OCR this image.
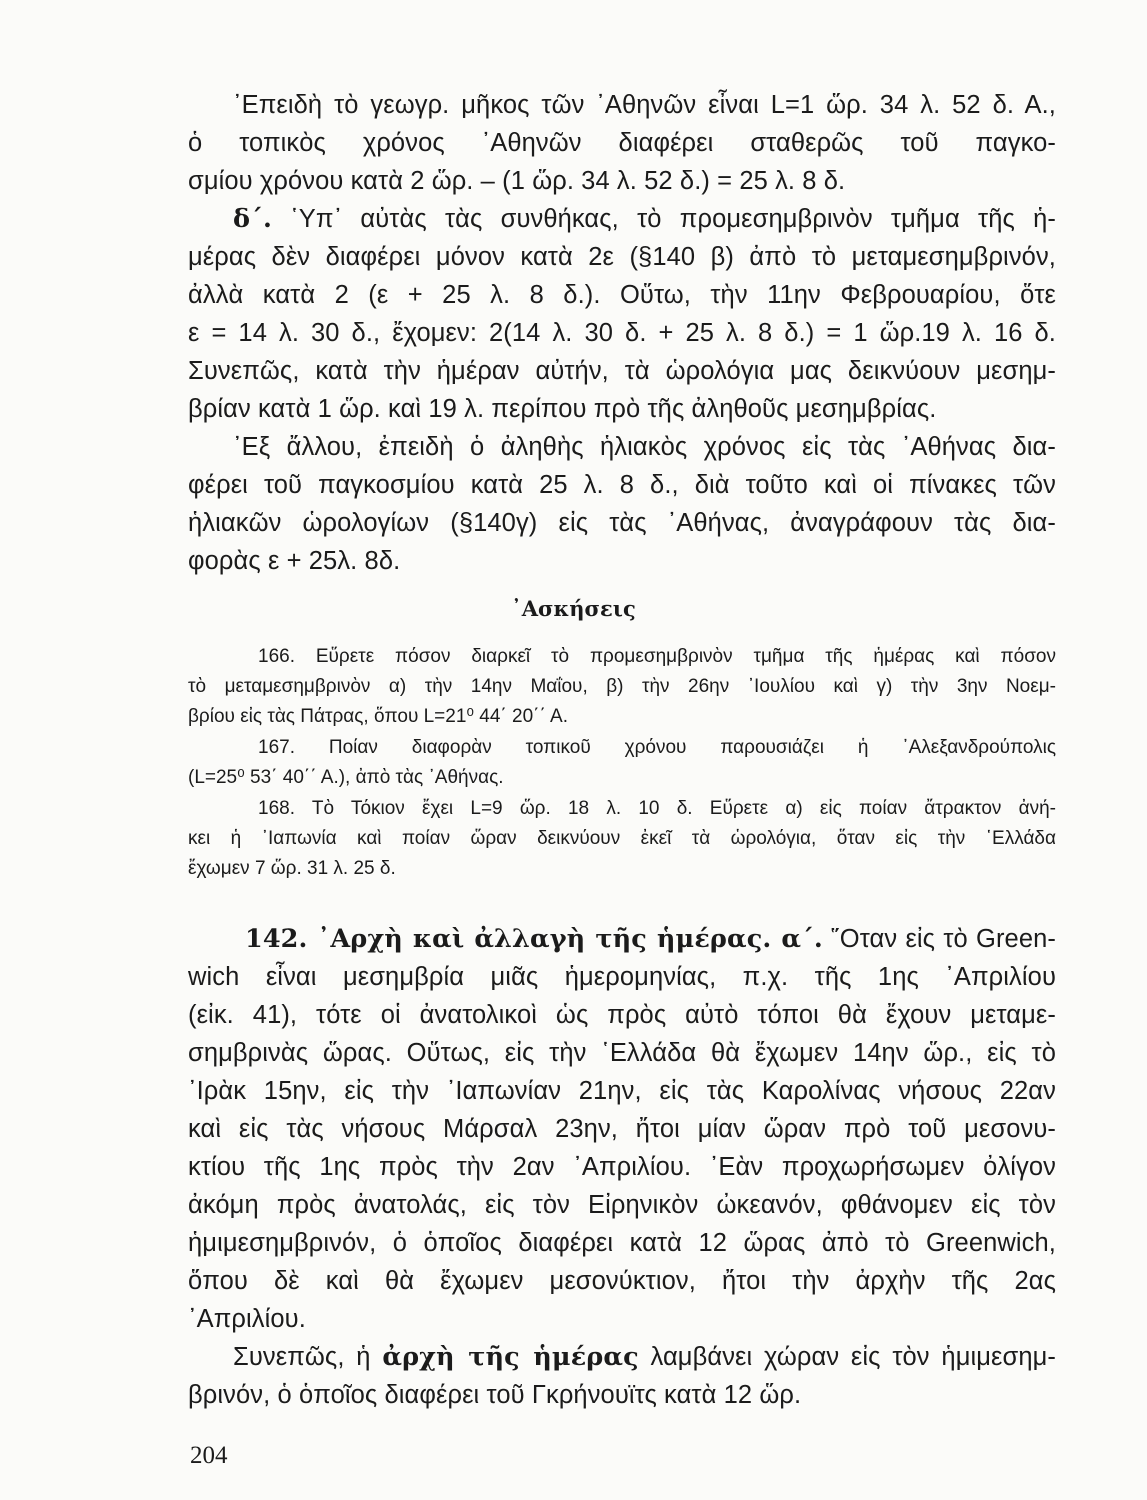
᾿Επειδὴ τὸ γεωγρ. μῆκος τῶν ᾿Αθηνῶν εἶναι L=1 ὥρ. 34 λ. 52 δ. Α.,
ὁ τοπικὸς χρόνος ᾿Αθηνῶν διαφέρει σταθερῶς τοῦ παγκο-
σμίου χρόνου κατὰ 2 ὥρ. – (1 ὥρ. 34 λ. 52 δ.) = 25 λ. 8 δ.
δ΄. ῾Υπ᾿ αὐτὰς τὰς συνθήκας, τὸ προμεσημβρινὸν τμῆμα τῆς ἡ-
μέρας δὲν διαφέρει μόνον κατὰ 2ε (§140 β) ἀπὸ τὸ μεταμεσημβρινόν,
ἀλλὰ κατὰ 2 (ε + 25 λ. 8 δ.). Οὕτω, τὴν 11ην Φεβρουαρίου, ὅτε
ε = 14 λ. 30 δ., ἔχομεν: 2(14 λ. 30 δ. + 25 λ. 8 δ.) = 1 ὥρ.19 λ. 16 δ.
Συνεπῶς, κατὰ τὴν ἡμέραν αὐτήν, τὰ ὡρολόγια μας δεικνύουν μεσημ-
βρίαν κατὰ 1 ὥρ. καὶ 19 λ. περίπου πρὸ τῆς ἀληθοῦς μεσημβρίας.
᾿Εξ ἄλλου, ἐπειδὴ ὁ ἀληθὴς ἡλιακὸς χρόνος εἰς τὰς ᾿Αθήνας δια-
φέρει τοῦ παγκοσμίου κατὰ 25 λ. 8 δ., διὰ τοῦτο καὶ οἱ πίνακες τῶν
ἡλιακῶν ὡρολογίων (§140γ) εἰς τὰς ᾿Αθήνας, ἀναγράφουν τὰς δια-
φορὰς ε + 25λ. 8δ.
᾿Ασκήσεις
166. Εὕρετε πόσον διαρκεῖ τὸ προμεσημβρινὸν τμῆμα τῆς ἡμέρας καὶ πόσον
τὸ μεταμεσημβρινὸν α) τὴν 14ην Μαΐου, β) τὴν 26ην ᾿Ιουλίου καὶ γ) τὴν 3ην Νοεμ-
βρίου εἰς τὰς Πάτρας, ὅπου L=21⁰ 44΄ 20΄΄ Α.
167. Ποίαν διαφορὰν τοπικοῦ χρόνου παρουσιάζει ἡ ᾿Αλεξανδρούπολις
(L=25⁰ 53΄ 40΄΄ Α.), ἀπὸ τὰς ᾿Αθήνας.
168. Τὸ Τόκιον ἔχει L=9 ὥρ. 18 λ. 10 δ. Εὕρετε α) εἰς ποίαν ἄτρακτον ἀνή-
κει ἡ ᾿Ιαπωνία καὶ ποίαν ὥραν δεικνύουν ἐκεῖ τὰ ὡρολόγια, ὅταν εἰς τὴν ῾Ελλάδα
ἔχωμεν 7 ὥρ. 31 λ. 25 δ.
142. ᾿Αρχὴ καὶ ἀλλαγὴ τῆς ἡμέρας. α΄. ῞Οταν εἰς τὸ Green-
wich εἶναι μεσημβρία μιᾶς ἡμερομηνίας, π.χ. τῆς 1ης ᾿Απριλίου
(εἰκ. 41), τότε οἱ ἀνατολικοὶ ὡς πρὸς αὐτὸ τόποι θὰ ἔχουν μεταμε-
σημβρινὰς ὥρας. Οὕτως, εἰς τὴν ῾Ελλάδα θὰ ἔχωμεν 14ην ὥρ., εἰς τὸ
᾿Ιρὰκ 15ην, εἰς τὴν ᾿Ιαπωνίαν 21ην, εἰς τὰς Καρολίνας νήσους 22αν
καὶ εἰς τὰς νήσους Μάρσαλ 23ην, ἤτοι μίαν ὥραν πρὸ τοῦ μεσονυ-
κτίου τῆς 1ης πρὸς τὴν 2αν ᾿Απριλίου. ᾿Εὰν προχωρήσωμεν ὀλίγον
ἀκόμη πρὸς ἀνατολάς, εἰς τὸν Εἰρηνικὸν ὠκεανόν, φθάνομεν εἰς τὸν
ἡμιμεσημβρινόν, ὁ ὁποῖος διαφέρει κατὰ 12 ὥρας ἀπὸ τὸ Greenwich,
ὅπου δὲ καὶ θὰ ἔχωμεν μεσονύκτιον, ἤτοι τὴν ἀρχὴν τῆς 2ας
᾿Απριλίου.
Συνεπῶς, ἡ ἀρχὴ τῆς ἡμέρας λαμβάνει χώραν εἰς τὸν ἡμιμεσημ-
βρινόν, ὁ ὁποῖος διαφέρει τοῦ Γκρήνουϊτς κατὰ 12 ὥρ.
204
